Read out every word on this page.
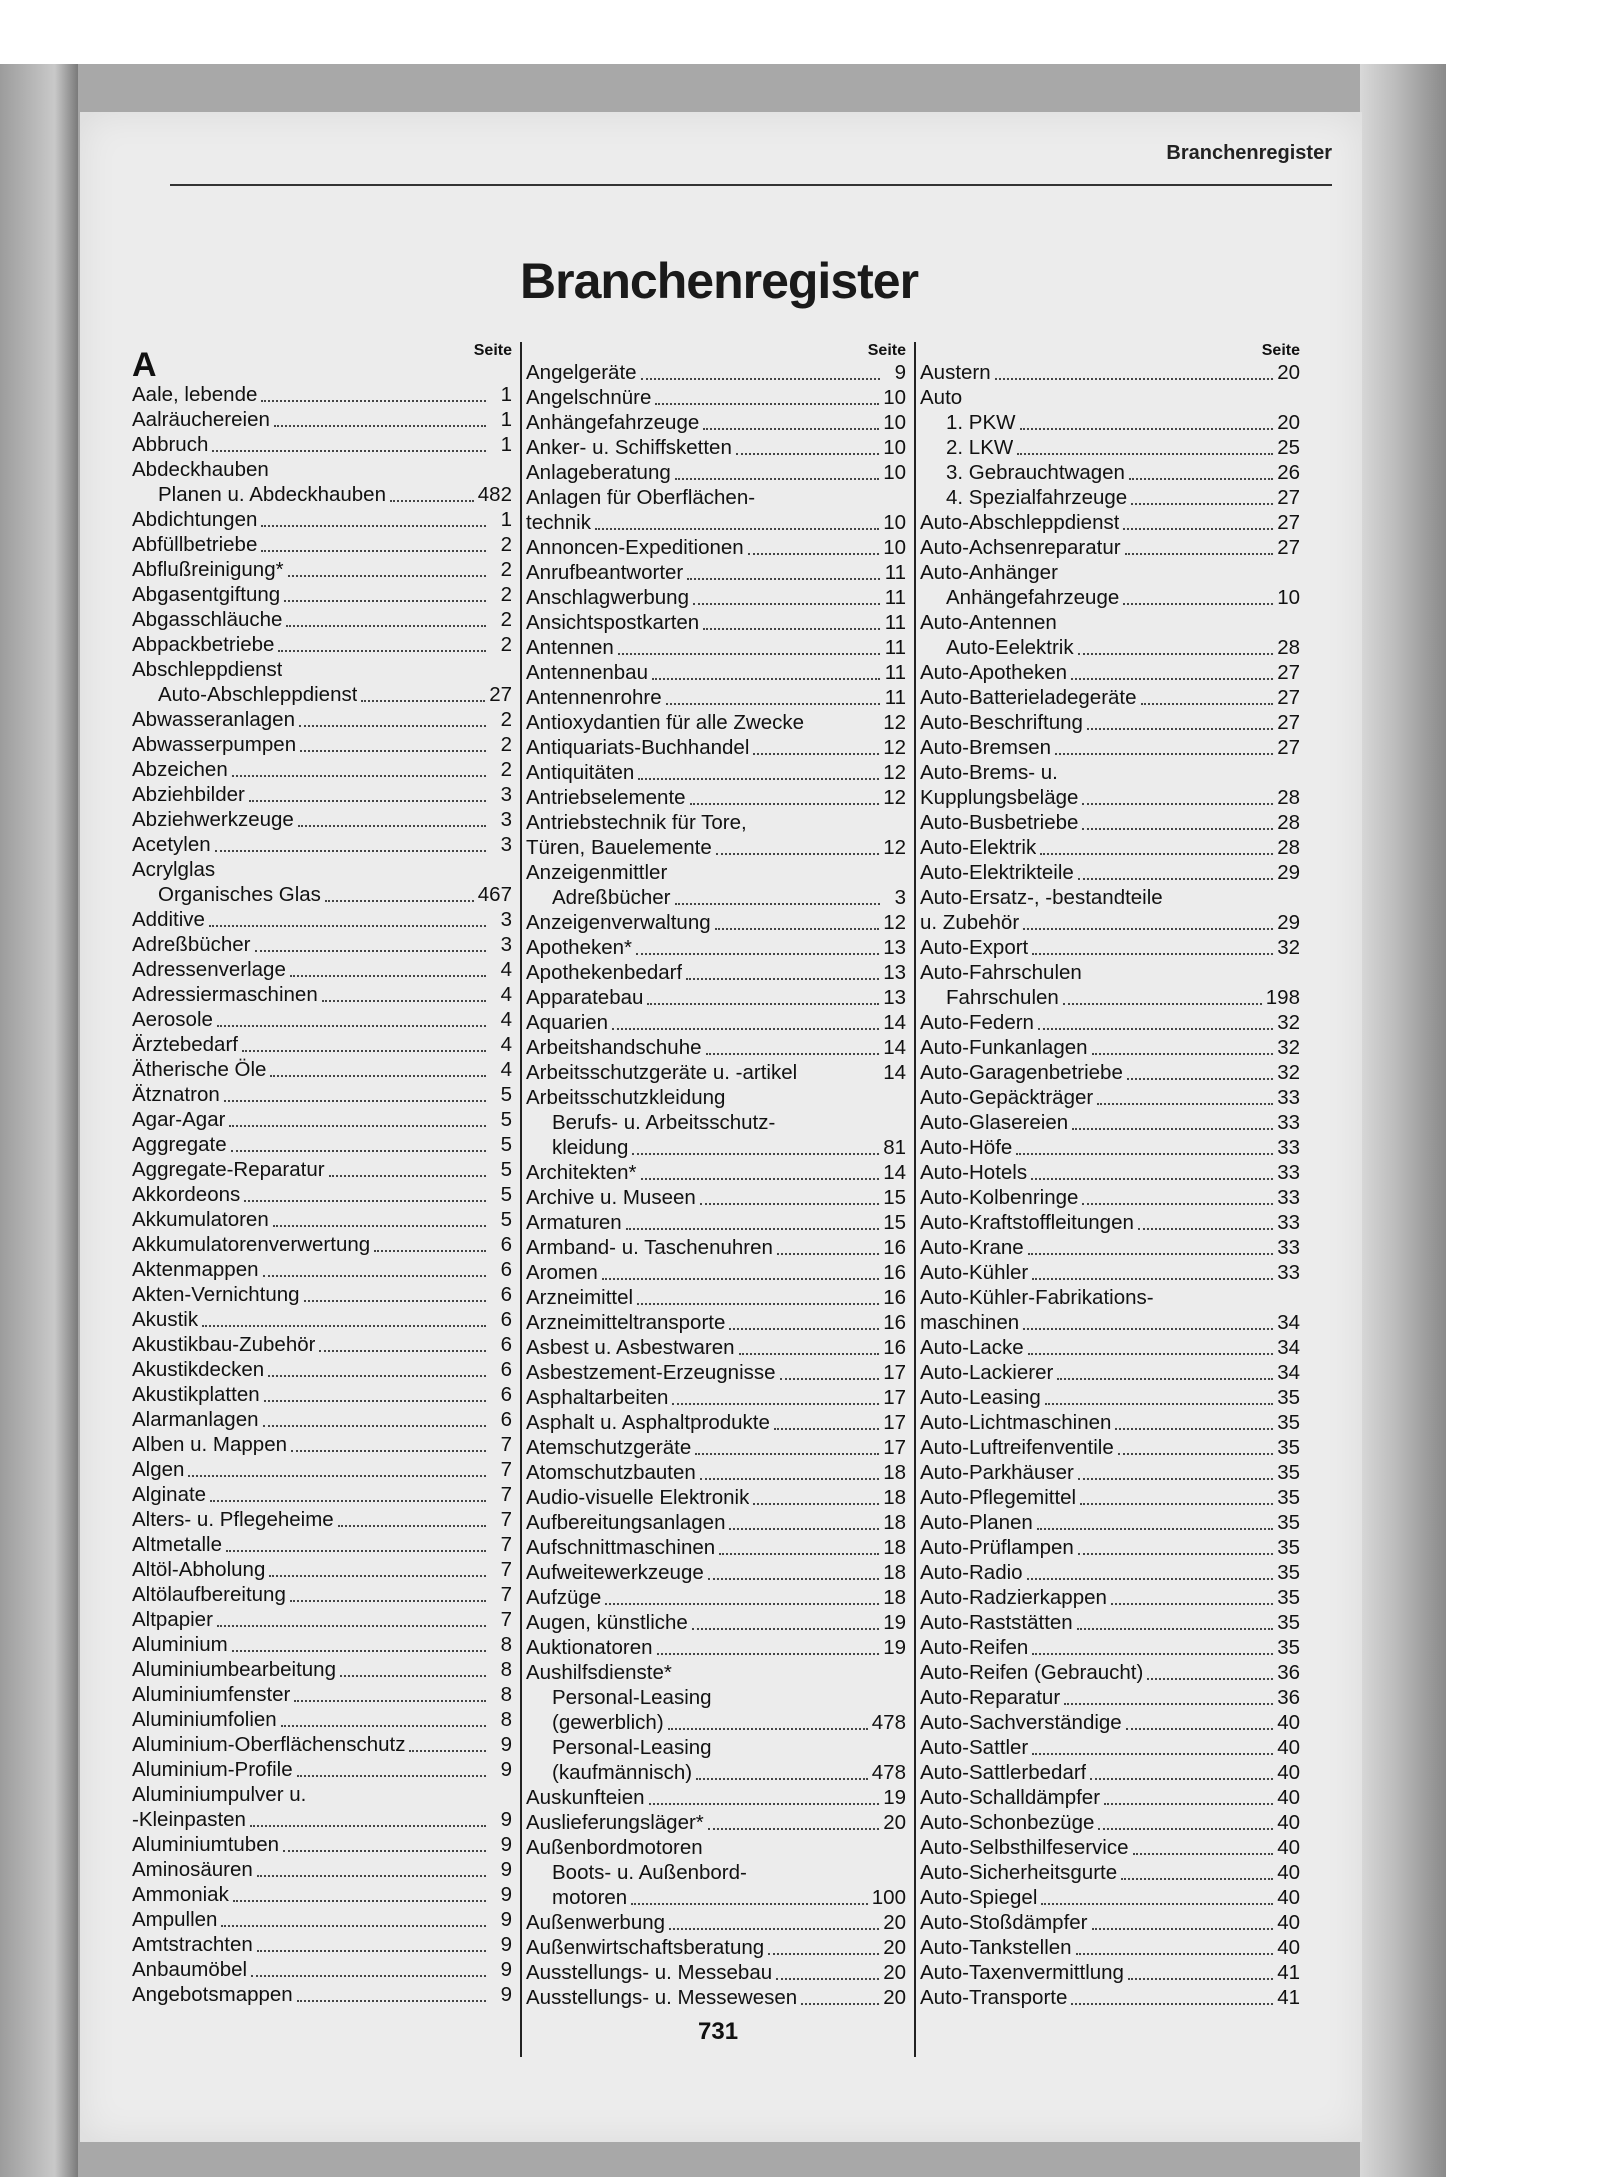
Branchenregister
Branchenregister
Seite
A
Aale, lebende	1
Aalräuchereien	1
Abbruch	1
Abdeckhauben
Planen u. Abdeckhauben	482
Abdichtungen	1
Abfüllbetriebe	2
Abflußreinigung*	2
Abgasentgiftung	2
Abgasschläuche	2
Abpackbetriebe	2
Abschleppdienst
Auto-Abschleppdienst	27
Abwasseranlagen	2
Abwasserpumpen	2
Abzeichen	2
Abziehbilder	3
Abziehwerkzeuge	3
Acetylen	3
Acrylglas
Organisches Glas	467
Additive	3
Adreßbücher	3
Adressenverlage	4
Adressiermaschinen	4
Aerosole	4
Ärztebedarf	4
Ätherische Öle	4
Ätznatron	5
Agar-Agar	5
Aggregate	5
Aggregate-Reparatur	5
Akkordeons	5
Akkumulatoren	5
Akkumulatorenverwertung	6
Aktenmappen	6
Akten-Vernichtung	6
Akustik	6
Akustikbau-Zubehör	6
Akustikdecken	6
Akustikplatten	6
Alarmanlagen	6
Alben u. Mappen	7
Algen	7
Alginate	7
Alters- u. Pflegeheime	7
Altmetalle	7
Altöl-Abholung	7
Altölaufbereitung	7
Altpapier	7
Aluminium	8
Aluminiumbearbeitung	8
Aluminiumfenster	8
Aluminiumfolien	8
Aluminium-Oberflächenschutz	9
Aluminium-Profile	9
Aluminiumpulver u.
-Kleinpasten	9
Aluminiumtuben	9
Aminosäuren	9
Ammoniak	9
Ampullen	9
Amtstrachten	9
Anbaumöbel	9
Angebotsmappen	9
Seite
Angelgeräte	9
Angelschnüre	10
Anhängefahrzeuge	10
Anker- u. Schiffsketten	10
Anlageberatung	10
Anlagen für Oberflächen-
technik	10
Annoncen-Expeditionen	10
Anrufbeantworter	11
Anschlagwerbung	11
Ansichtspostkarten	11
Antennen	11
Antennenbau	11
Antennenrohre	11
Antioxydantien für alle Zwecke	12
Antiquariats-Buchhandel	12
Antiquitäten	12
Antriebselemente	12
Antriebstechnik für Tore,
Türen, Bauelemente	12
Anzeigenmittler
Adreßbücher	3
Anzeigenverwaltung	12
Apotheken*	13
Apothekenbedarf	13
Apparatebau	13
Aquarien	14
Arbeitshandschuhe	14
Arbeitsschutzgeräte u. -artikel	14
Arbeitsschutzkleidung
Berufs- u. Arbeitsschutz-
kleidung	81
Architekten*	14
Archive u. Museen	15
Armaturen	15
Armband- u. Taschenuhren	16
Aromen	16
Arzneimittel	16
Arzneimitteltransporte	16
Asbest u. Asbestwaren	16
Asbestzement-Erzeugnisse	17
Asphaltarbeiten	17
Asphalt u. Asphaltprodukte	17
Atemschutzgeräte	17
Atomschutzbauten	18
Audio-visuelle Elektronik	18
Aufbereitungsanlagen	18
Aufschnittmaschinen	18
Aufweitewerkzeuge	18
Aufzüge	18
Augen, künstliche	19
Auktionatoren	19
Aushilfsdienste*
Personal-Leasing
(gewerblich)	478
Personal-Leasing
(kaufmännisch)	478
Auskunfteien	19
Auslieferungsläger*	20
Außenbordmotoren
Boots- u. Außenbord-
motoren	100
Außenwerbung	20
Außenwirtschaftsberatung	20
Ausstellungs- u. Messebau	20
Ausstellungs- u. Messewesen	20
Seite
Austern	20
Auto
1. PKW	20
2. LKW	25
3. Gebrauchtwagen	26
4. Spezialfahrzeuge	27
Auto-Abschleppdienst	27
Auto-Achsenreparatur	27
Auto-Anhänger
Anhängefahrzeuge	10
Auto-Antennen
Auto-Eelektrik	28
Auto-Apotheken	27
Auto-Batterieladegeräte	27
Auto-Beschriftung	27
Auto-Bremsen	27
Auto-Brems- u.
Kupplungsbeläge	28
Auto-Busbetriebe	28
Auto-Elektrik	28
Auto-Elektrikteile	29
Auto-Ersatz-, -bestandteile
u. Zubehör	29
Auto-Export	32
Auto-Fahrschulen
Fahrschulen	198
Auto-Federn	32
Auto-Funkanlagen	32
Auto-Garagenbetriebe	32
Auto-Gepäckträger	33
Auto-Glasereien	33
Auto-Höfe	33
Auto-Hotels	33
Auto-Kolbenringe	33
Auto-Kraftstoffleitungen	33
Auto-Krane	33
Auto-Kühler	33
Auto-Kühler-Fabrikations-
maschinen	34
Auto-Lacke	34
Auto-Lackierer	34
Auto-Leasing	35
Auto-Lichtmaschinen	35
Auto-Luftreifenventile	35
Auto-Parkhäuser	35
Auto-Pflegemittel	35
Auto-Planen	35
Auto-Prüflampen	35
Auto-Radio	35
Auto-Radzierkappen	35
Auto-Raststätten	35
Auto-Reifen	35
Auto-Reifen (Gebraucht)	36
Auto-Reparatur	36
Auto-Sachverständige	40
Auto-Sattler	40
Auto-Sattlerbedarf	40
Auto-Schalldämpfer	40
Auto-Schonbezüge	40
Auto-Selbsthilfeservice	40
Auto-Sicherheitsgurte	40
Auto-Spiegel	40
Auto-Stoßdämpfer	40
Auto-Tankstellen	40
Auto-Taxenvermittlung	41
Auto-Transporte	41
731
